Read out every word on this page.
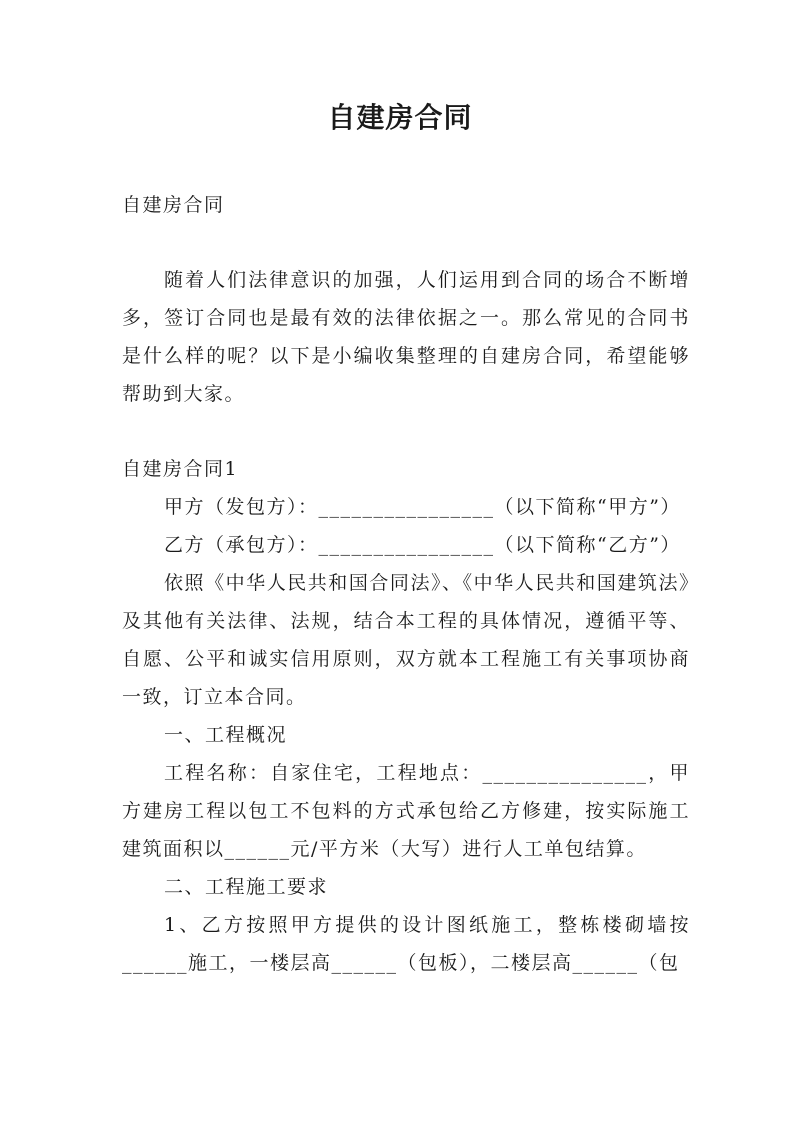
自建房合同

自建房合同

随着人们法律意识的加强，人们运用到合同的场合不断增多，签订合同也是最有效的法律依据之一。那么常见的合同书是什么样的呢？以下是小编收集整理的自建房合同，希望能够帮助到大家。

自建房合同1

甲方（发包方）：________________（以下简称“甲方”）

乙方（承包方）：________________（以下简称“乙方”）

依照《中华人民共和国合同法》、《中华人民共和国建筑法》及其他有关法律、法规，结合本工程的具体情况，遵循平等、自愿、公平和诚实信用原则，双方就本工程施工有关事项协商一致，订立本合同。

一、工程概况

工程名称：自家住宅，工程地点：_______________，甲方建房工程以包工不包料的方式承包给乙方修建，按实际施工建筑面积以______元/平方米（大写）进行人工单包结算。

二、工程施工要求

1、乙方按照甲方提供的设计图纸施工，整栋楼砌墙按______施工，一楼层高______（包板），二楼层高______（包
